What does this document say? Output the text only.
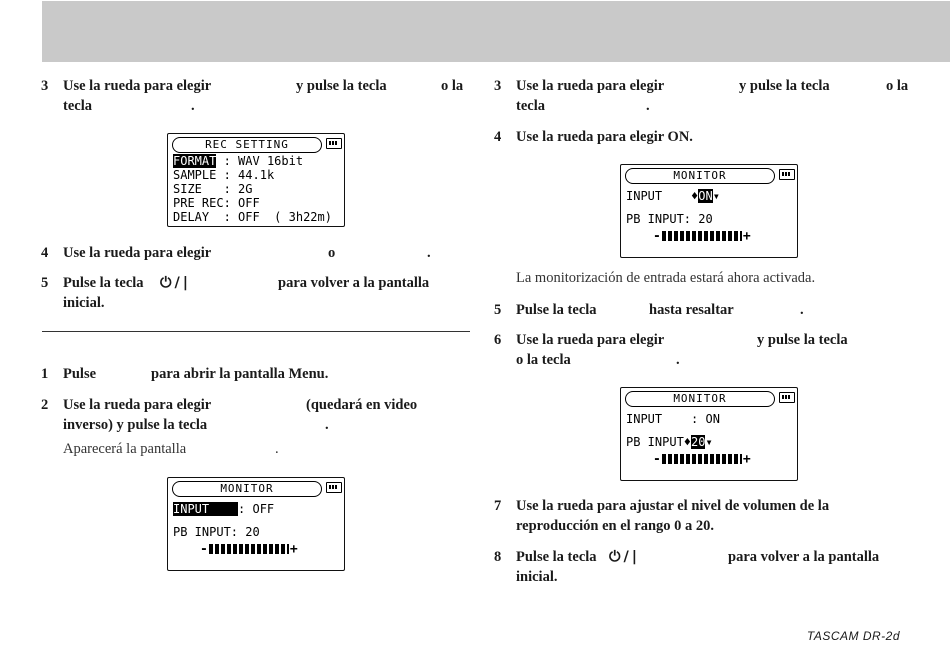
3 Use la rueda para elegir	y pulse la tecla	o la
tecla	.
REC SETTING
FORMAT : WAV 16bit
SAMPLE : 44.1k
SIZE   : 2G
PRE REC: OFF
DELAY  : OFF  ( 3h22m)
4 Use la rueda para elegir	o	.
5 Pulse la tecla ⏻/|	para volver a la pantalla
inicial.
1 Pulse	para abrir la pantalla Menu.
2 Use la rueda para elegir	(quedará en video
inverso) y pulse la tecla	.
Aparecerá la pantalla	.
MONITOR
INPUT : OFF
PB INPUT: 20
-	+
3 Use la rueda para elegir	y pulse la tecla	o la
tecla	.
4 Use la rueda para elegir ON.
MONITOR
INPUT ♦ON▾
PB INPUT: 20
-	+
La monitorización de entrada estará ahora activada.
5 Pulse la tecla	hasta resaltar	.
6 Use la rueda para elegir	y pulse la tecla
o la tecla	.
MONITOR
INPUT : ON
PB INPUT♦20▾
-	+
7 Use la rueda para ajustar el nivel de volumen de la
reproducción en el rango 0 a 20.
8 Pulse la tecla ⏻/|	para volver a la pantalla
inicial.
TASCAM DR-2d
